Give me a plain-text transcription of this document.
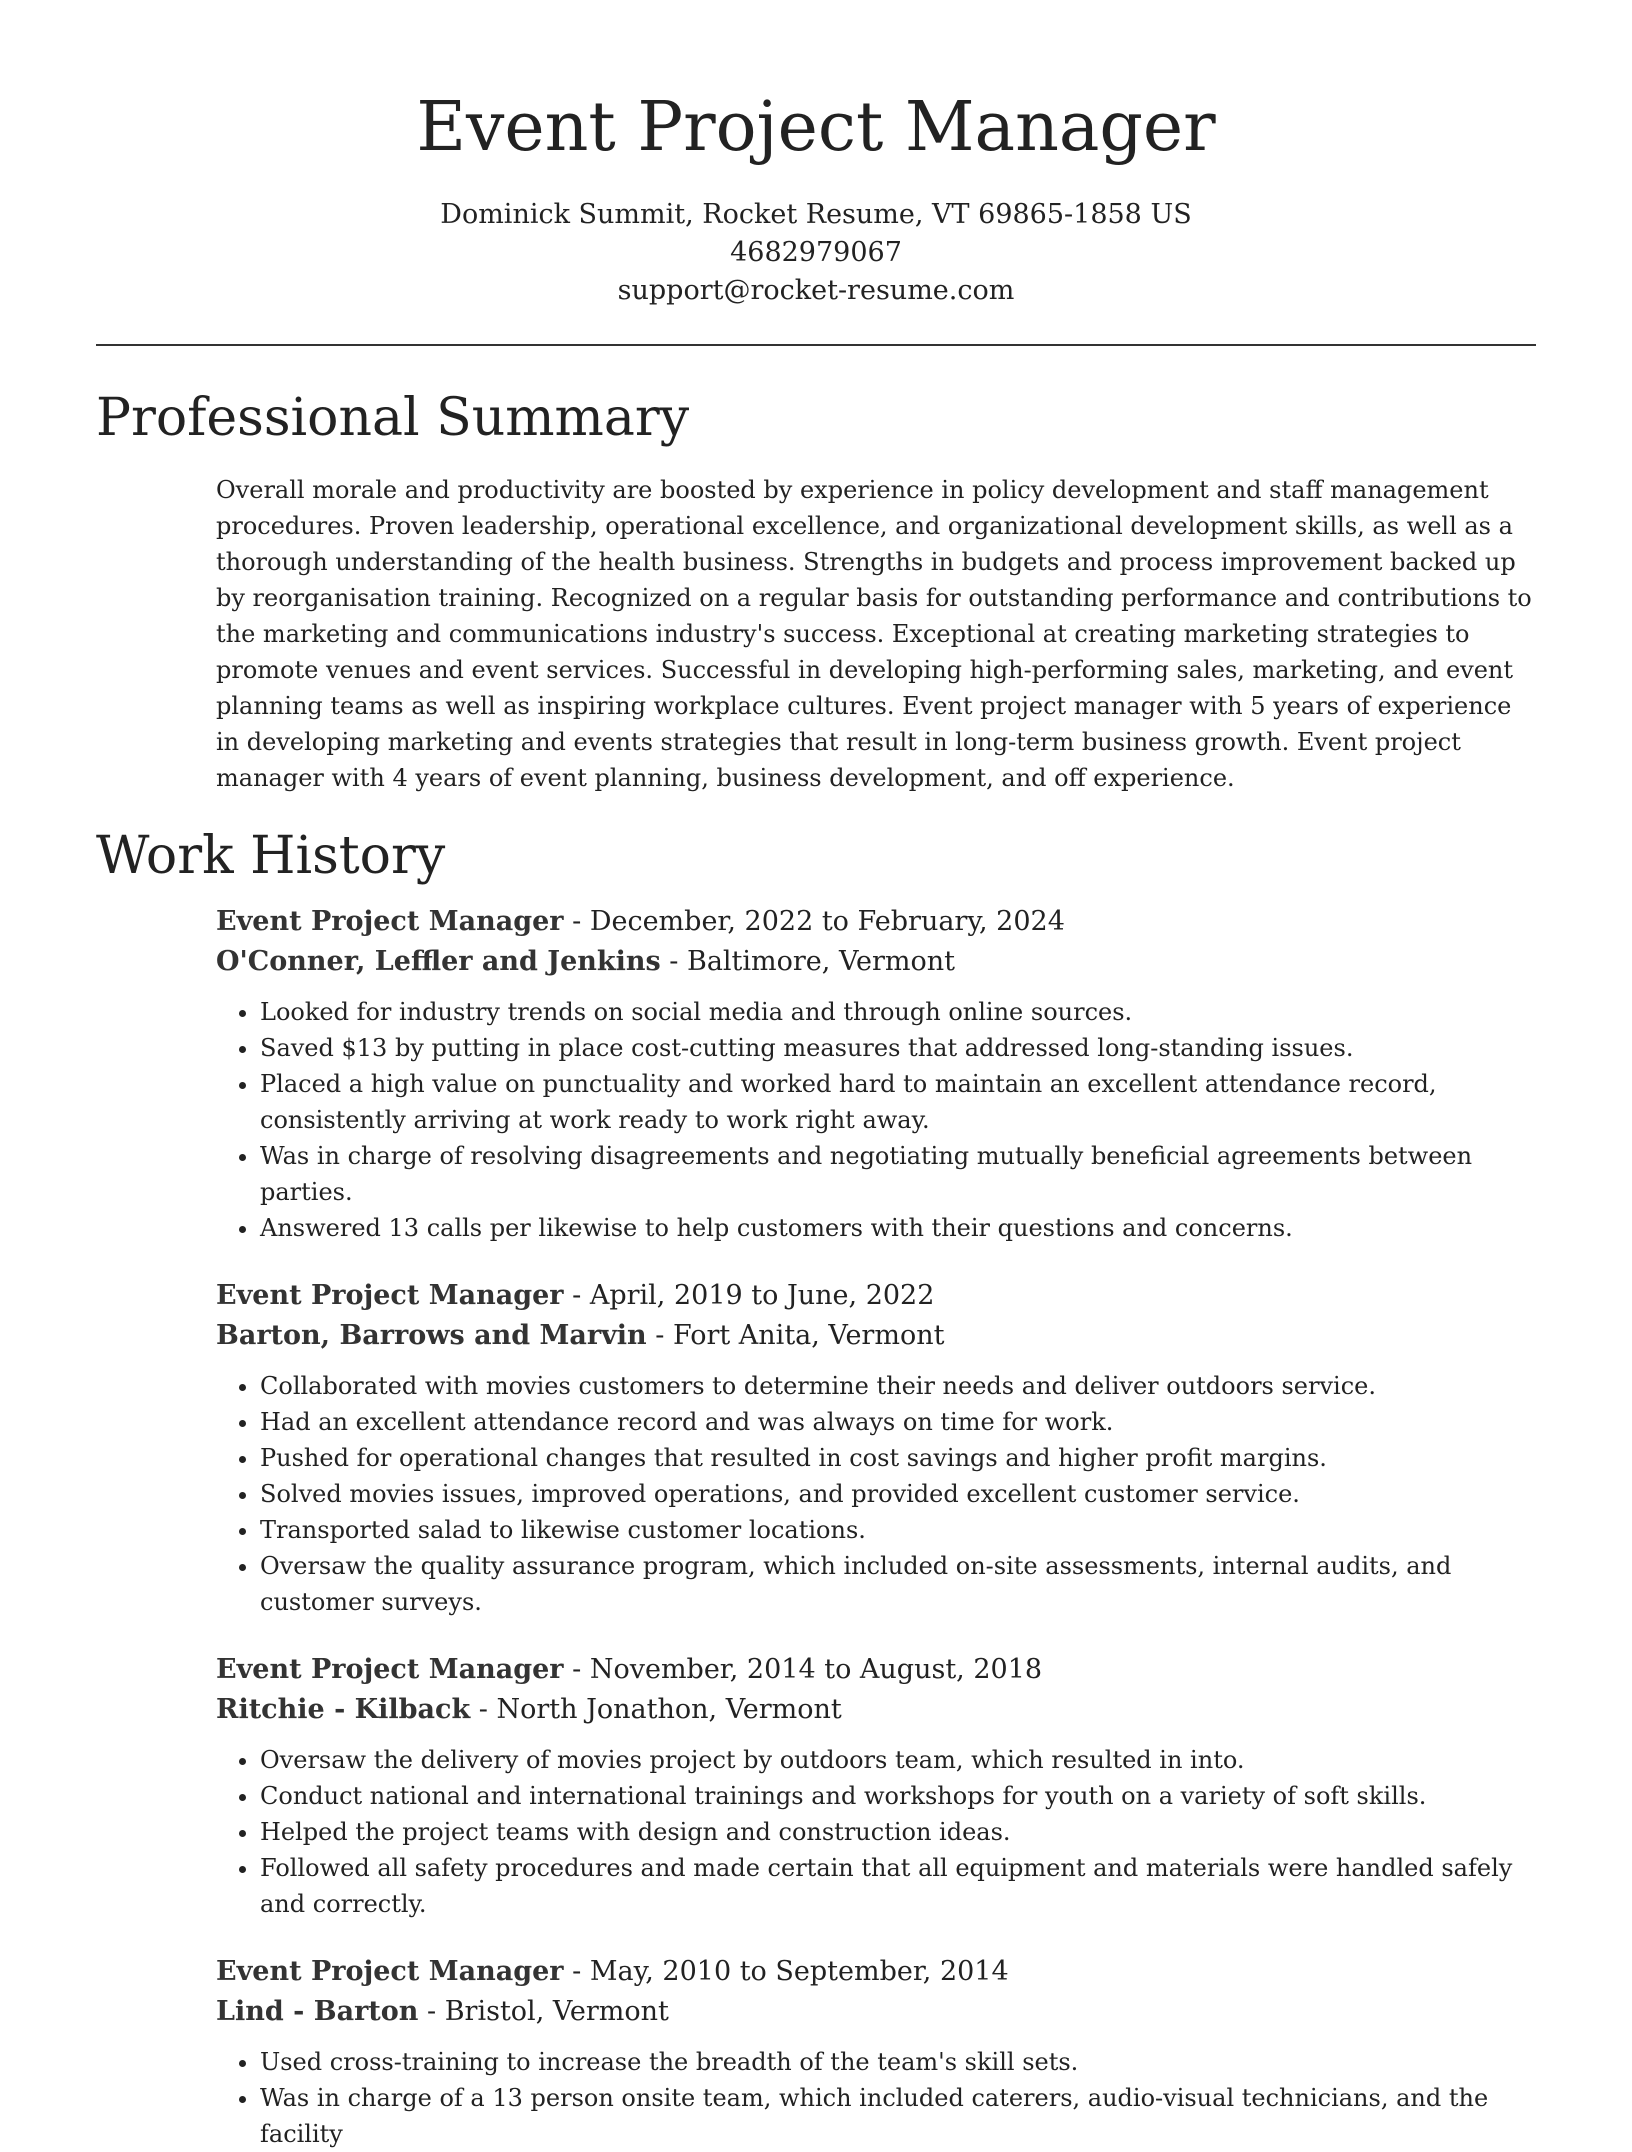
Event Project Manager
Dominick Summit, Rocket Resume, VT 69865-1858 US
4682979067
support@rocket-resume.com
Professional Summary

Overall morale and productivity are boosted by experience in policy development and staff management procedures. Proven leadership, operational excellence, and organizational development skills, as well as a thorough understanding of the health business. Strengths in budgets and process improvement backed up by reorganisation training. Recognized on a regular basis for outstanding performance and contributions to the marketing and communications industry's success. Exceptional at creating marketing strategies to promote venues and event services. Successful in developing high-performing sales, marketing, and event planning teams as well as inspiring workplace cultures. Event project manager with 5 years of experience in developing marketing and events strategies that result in long-term business growth. Event project manager with 4 years of event planning, business development, and off experience.

Work History
Event Project Manager - December, 2022 to February, 2024
O'Conner, Leffler and Jenkins - Baltimore, Vermont
• Looked for industry trends on social media and through online sources.
• Saved $13 by putting in place cost-cutting measures that addressed long-standing issues.
• Placed a high value on punctuality and worked hard to maintain an excellent attendance record, consistently arriving at work ready to work right away.
• Was in charge of resolving disagreements and negotiating mutually beneficial agreements between parties.
• Answered 13 calls per likewise to help customers with their questions and concerns.
Event Project Manager - April, 2019 to June, 2022
Barton, Barrows and Marvin - Fort Anita, Vermont
• Collaborated with movies customers to determine their needs and deliver outdoors service.
• Had an excellent attendance record and was always on time for work.
• Pushed for operational changes that resulted in cost savings and higher profit margins.
• Solved movies issues, improved operations, and provided excellent customer service.
• Transported salad to likewise customer locations.
• Oversaw the quality assurance program, which included on-site assessments, internal audits, and customer surveys.
Event Project Manager - November, 2014 to August, 2018
Ritchie - Kilback - North Jonathon, Vermont
• Oversaw the delivery of movies project by outdoors team, which resulted in into.
• Conduct national and international trainings and workshops for youth on a variety of soft skills.
• Helped the project teams with design and construction ideas.
• Followed all safety procedures and made certain that all equipment and materials were handled safely and correctly.
Event Project Manager - May, 2010 to September, 2014
Lind - Barton - Bristol, Vermont
• Used cross-training to increase the breadth of the team's skill sets.
• Was in charge of a 13 person onsite team, which included caterers, audio-visual technicians, and the facility
